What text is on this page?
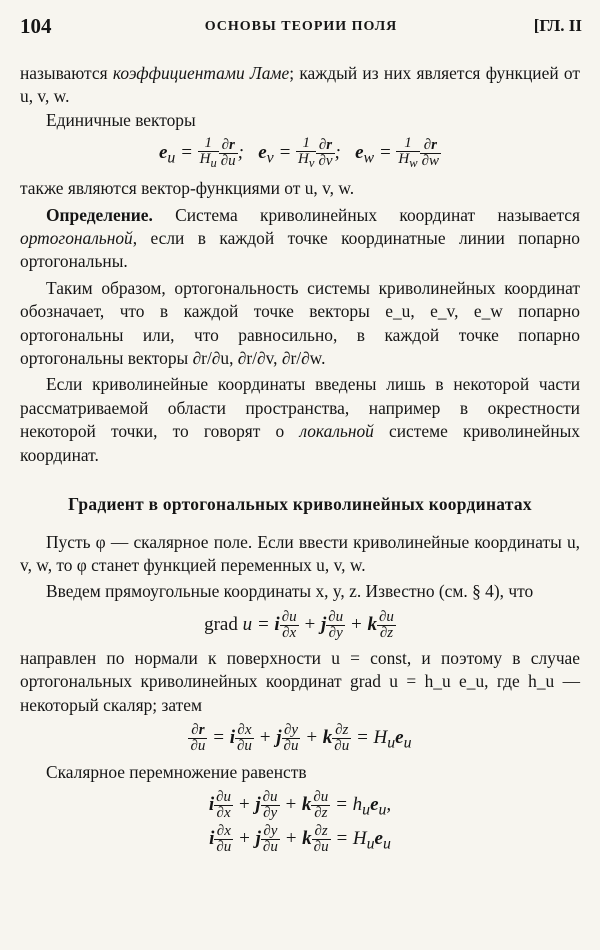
104	ОСНОВЫ ТЕОРИИ ПОЛЯ	[ГЛ. II

называются коэффициентами Ламе; каждый из них является функцией от u, v, w.

Единичные векторы

$e_u = \frac{1}{H_u} \frac{\partial r}{\partial u}$ ;   $e_v = \frac{1}{H_v} \frac{\partial r}{\partial v}$ ;   $e_w = \frac{1}{H_w} \frac{\partial r}{\partial w}$

также являются вектор-функциями от u, v, w.

Определение. Система криволинейных координат называется ортогональной, если в каждой точке координатные линии попарно ортогональны.

Таким образом, ортогональность системы криволинейных координат обозначает, что в каждой точке векторы e_u, e_v, e_w попарно ортогональны или, что равносильно, в каждой точке попарно ортогональны векторы ∂r/∂u, ∂r/∂v, ∂r/∂w.

Если криволинейные координаты введены лишь в некоторой части рассматриваемой области пространства, например в окрестности некоторой точки, то говорят о локальной системе криволинейных координат.

Градиент в ортогональных криволинейных координатах

Пусть φ — скалярное поле. Если ввести криволинейные координаты u, v, w, то φ станет функцией переменных u, v, w.

Введем прямоугольные координаты x, y, z. Известно (см. § 4), что

grad u = i $\frac{\partial u}{\partial x} + j \frac{\partial u}{\partial y} + k \frac{\partial u}{\partial z}$

направлен по нормали к поверхности u = const, и поэтому в случае ортогональных криволинейных координат grad u = h_u e_u, где h_u — некоторый скаляр; затем

$\frac{\partial r}{\partial u} = i \frac{\partial x}{\partial u} + j \frac{\partial y}{\partial u} + k \frac{\partial z}{\partial u} = H_ue_u$

Скалярное перемножение равенств

i $\frac{\partial u}{\partial x} + j \frac{\partial u}{\partial y} + k \frac{\partial u}{\partial z} = h_ue_u$,
i $\frac{\partial x}{\partial u} + j \frac{\partial y}{\partial u} + k \frac{\partial z}{\partial u} = H_ue_u$
